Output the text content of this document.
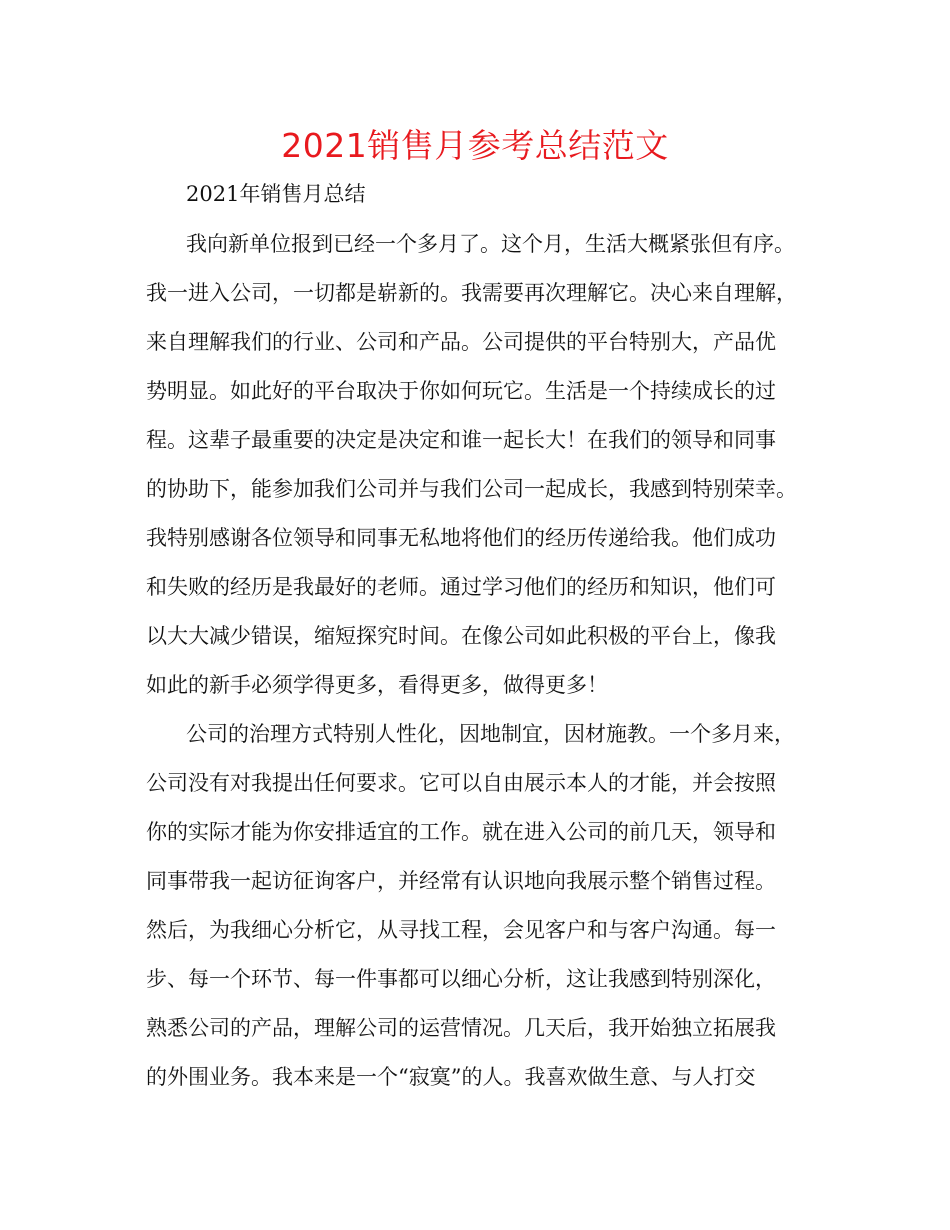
2021销售月参考总结范文

2021年销售月总结

我向新单位报到已经一个多月了。这个月，生活大概紧张但有序。

我一进入公司，一切都是崭新的。我需要再次理解它。决心来自理解，

来自理解我们的行业、公司和产品。公司提供的平台特别大，产品优

势明显。如此好的平台取决于你如何玩它。生活是一个持续成长的过

程。这辈子最重要的决定是决定和谁一起长大！在我们的领导和同事

的协助下，能参加我们公司并与我们公司一起成长，我感到特别荣幸。

我特别感谢各位领导和同事无私地将他们的经历传递给我。他们成功

和失败的经历是我最好的老师。通过学习他们的经历和知识，他们可

以大大减少错误，缩短探究时间。在像公司如此积极的平台上，像我

如此的新手必须学得更多，看得更多，做得更多！

公司的治理方式特别人性化，因地制宜，因材施教。一个多月来，

公司没有对我提出任何要求。它可以自由展示本人的才能，并会按照

你的实际才能为你安排适宜的工作。就在进入公司的前几天，领导和

同事带我一起访征询客户，并经常有认识地向我展示整个销售过程。

然后，为我细心分析它，从寻找工程，会见客户和与客户沟通。每一

步、每一个环节、每一件事都可以细心分析，这让我感到特别深化，

熟悉公司的产品，理解公司的运营情况。几天后，我开始独立拓展我

的外围业务。我本来是一个“寂寞”的人。我喜欢做生意、与人打交
